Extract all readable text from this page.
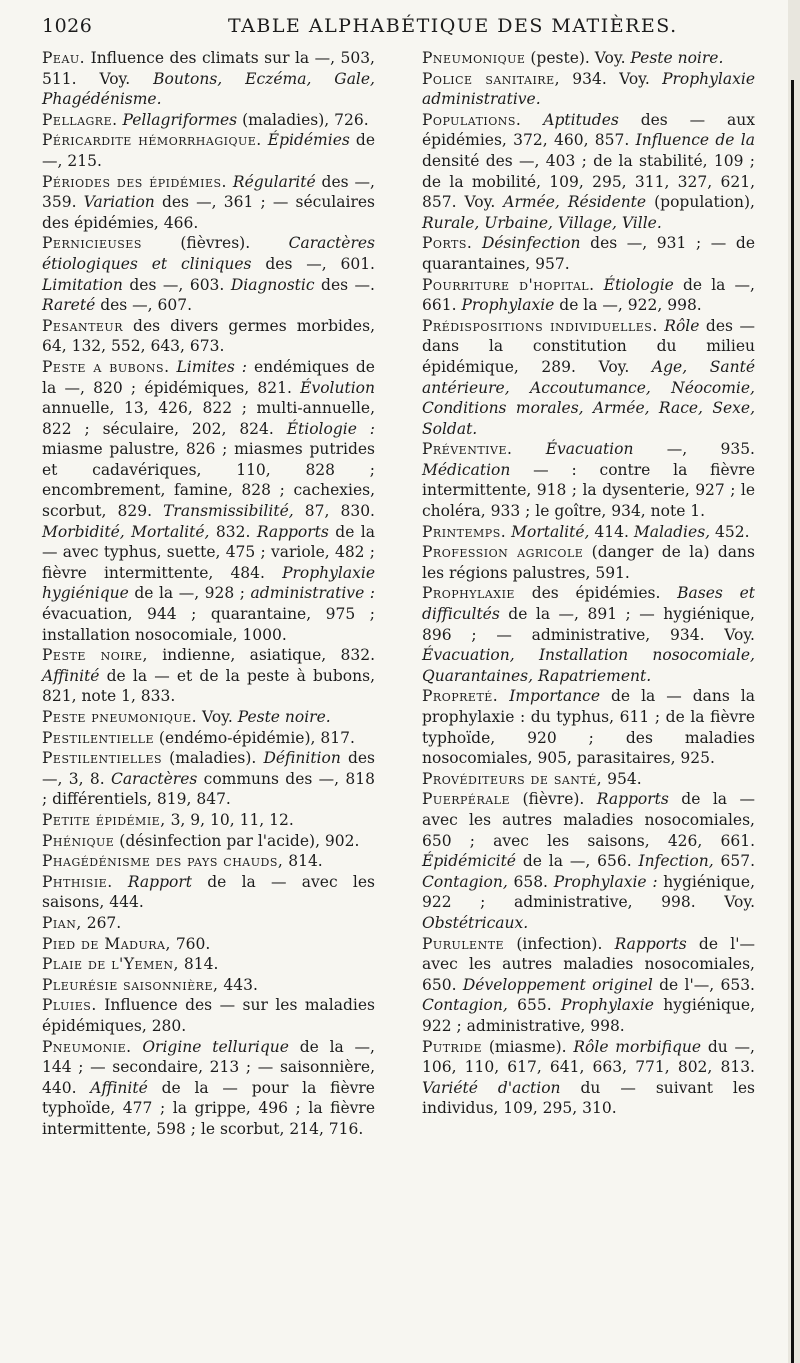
1026	TABLE ALPHABÉTIQUE DES MATIÈRES.

Peau. Influence des climats sur la —, 503, 511. Voy. Boutons, Eczéma, Gale, Phagédénisme.

Pellagre. Pellagriformes (maladies), 726.

Péricardite hémorrhagique. Épidémies de —, 215.

Périodes des épidémies. Régularité des —, 359. Variation des —, 361 ; — séculaires des épidémies, 466.

Pernicieuses (fièvres). Caractères étiologiques et cliniques des —, 601. Limitation des —, 603. Diagnostic des —. Rareté des —, 607.

Pesanteur des divers germes morbides, 64, 132, 552, 643, 673.

Peste a bubons. Limites : endémiques de la —, 820 ; épidémiques, 821. Évolution annuelle, 13, 426, 822 ; multi-annuelle, 822 ; séculaire, 202, 824. Étiologie : miasme palustre, 826 ; miasmes putrides et cadavériques, 110, 828 ; encombrement, famine, 828 ; cachexies, scorbut, 829. Transmissibilité, 87, 830. Morbidité, Mortalité, 832. Rapports de la — avec typhus, suette, 475 ; variole, 482 ; fièvre intermittente, 484. Prophylaxie hygiénique de la —, 928 ; administrative : évacuation, 944 ; quarantaine, 975 ; installation nosocomiale, 1000.

Peste noire, indienne, asiatique, 832. Affinité de la — et de la peste à bubons, 821, note 1, 833.

Peste pneumonique. Voy. Peste noire.

Pestilentielle (endémo-épidémie), 817.

Pestilentielles (maladies). Définition des —, 3, 8. Caractères communs des —, 818 ; différentiels, 819, 847.

Petite épidémie, 3, 9, 10, 11, 12.

Phénique (désinfection par l'acide), 902.

Phagédénisme des pays chauds, 814.

Phthisie. Rapport de la — avec les saisons, 444.

Pian, 267.

Pied de Madura, 760.

Plaie de l'Yemen, 814.

Pleurésie saisonnière, 443.

Pluies. Influence des — sur les maladies épidémiques, 280.

Pneumonie. Origine tellurique de la —, 144 ; — secondaire, 213 ; — saisonnière, 440. Affinité de la — pour la fièvre typhoïde, 477 ; la grippe, 496 ; la fièvre intermittente, 598 ; le scorbut, 214, 716.

Pneumonique (peste). Voy. Peste noire.

Police sanitaire, 934. Voy. Prophylaxie administrative.

Populations. Aptitudes des — aux épidémies, 372, 460, 857. Influence de la densité des —, 403 ; de la stabilité, 109 ; de la mobilité, 109, 295, 311, 327, 621, 857. Voy. Armée, Résidente (population), Rurale, Urbaine, Village, Ville.

Ports. Désinfection des —, 931 ; — de quarantaines, 957.

Pourriture d'hopital. Étiologie de la —, 661. Prophylaxie de la —, 922, 998.

Prédispositions individuelles. Rôle des — dans la constitution du milieu épidémique, 289. Voy. Age, Santé antérieure, Accoutumance, Néocomie, Conditions morales, Armée, Race, Sexe, Soldat.

Préventive. Évacuation —, 935. Médication — : contre la fièvre intermittente, 918 ; la dysenterie, 927 ; le choléra, 933 ; le goître, 934, note 1.

Printemps. Mortalité, 414. Maladies, 452.

Profession agricole (danger de la) dans les régions palustres, 591.

Prophylaxie des épidémies. Bases et difficultés de la —, 891 ; — hygiénique, 896 ; — administrative, 934. Voy. Évacuation, Installation nosocomiale, Quarantaines, Rapatriement.

Propreté. Importance de la — dans la prophylaxie : du typhus, 611 ; de la fièvre typhoïde, 920 ; des maladies nosocomiales, 905, parasitaires, 925.

Provéditeurs de santé, 954.

Puerpérale (fièvre). Rapports de la — avec les autres maladies nosocomiales, 650 ; avec les saisons, 426, 661. Épidémicité de la —, 656. Infection, 657. Contagion, 658. Prophylaxie : hygiénique, 922 ; administrative, 998. Voy. Obstétricaux.

Purulente (infection). Rapports de l'— avec les autres maladies nosocomiales, 650. Développement originel de l'—, 653. Contagion, 655. Prophylaxie hygiénique, 922 ; administrative, 998.

Putride (miasme). Rôle morbifique du —, 106, 110, 617, 641, 663, 771, 802, 813. Variété d'action du — suivant les individus, 109, 295, 310.
